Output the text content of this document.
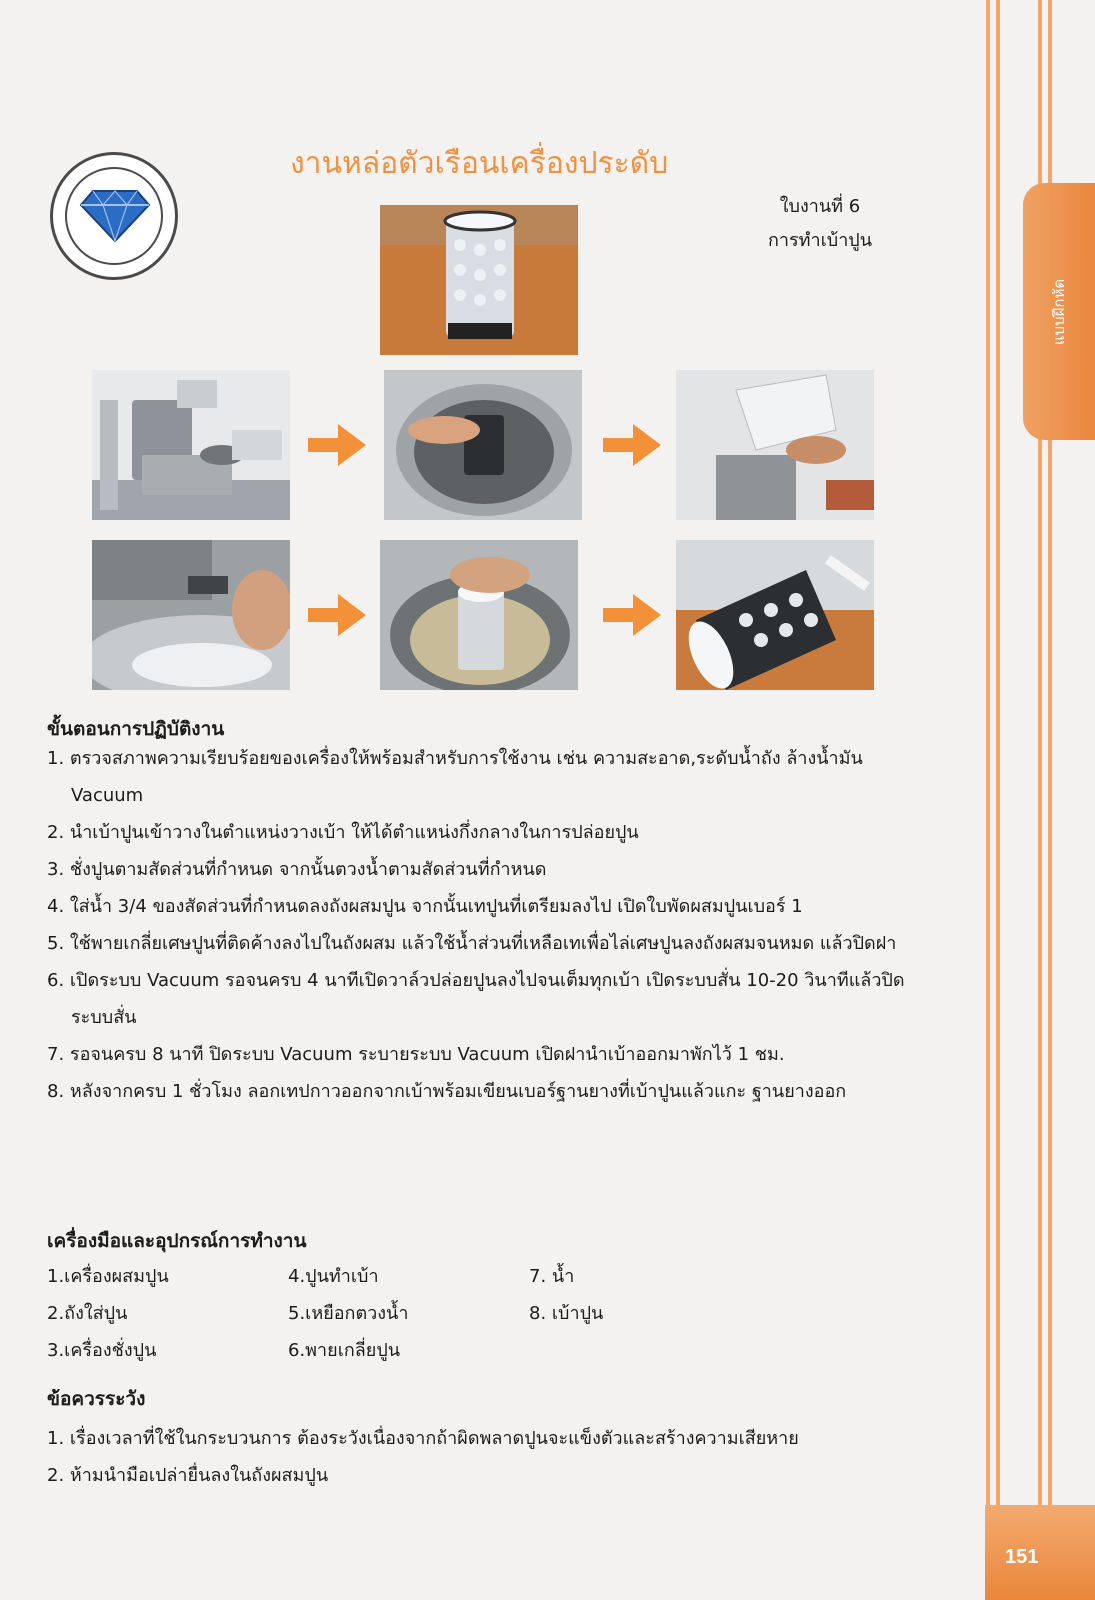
แบบฝึกหัด
งานหล่อตัวเรือนเครื่องประดับ
ใบงานที่ 6
การทำเบ้าปูน
ขั้นตอนการปฏิบัติงาน
1. ตรวจสภาพความเรียบร้อยของเครื่องให้พร้อมสำหรับการใช้งาน เช่น ความสะอาด,ระดับน้ำถัง ล้างน้ำมัน Vacuum
2. นำเบ้าปูนเข้าวางในตำแหน่งวางเบ้า ให้ได้ตำแหน่งกึ่งกลางในการปล่อยปูน
3. ชั่งปูนตามสัดส่วนที่กำหนด จากนั้นตวงน้ำตามสัดส่วนที่กำหนด
4. ใส่น้ำ 3/4 ของสัดส่วนที่กำหนดลงถังผสมปูน จากนั้นเทปูนที่เตรียมลงไป เปิดใบพัดผสมปูนเบอร์ 1
5. ใช้พายเกลี่ยเศษปูนที่ติดค้างลงไปในถังผสม แล้วใช้น้ำส่วนที่เหลือเทเพื่อไล่เศษปูนลงถังผสมจนหมด แล้วปิดฝา
6. เปิดระบบ Vacuum รอจนครบ 4 นาทีเปิดวาล์วปล่อยปูนลงไปจนเต็มทุกเบ้า เปิดระบบสั่น 10-20 วินาทีแล้วปิดระบบสั่น
7. รอจนครบ 8 นาที ปิดระบบ Vacuum ระบายระบบ Vacuum เปิดฝานำเบ้าออกมาพักไว้ 1 ชม.
8. หลังจากครบ 1 ชั่วโมง ลอกเทปกาวออกจากเบ้าพร้อมเขียนเบอร์ฐานยางที่เบ้าปูนแล้วแกะ ฐานยางออก
เครื่องมือและอุปกรณ์การทำงาน
1.เครื่องผสมปูน
2.ถังใส่ปูน
3.เครื่องชั่งปูน
4.ปูนทำเบ้า
5.เหยือกตวงน้ำ
6.พายเกลี่ยปูน
7. น้ำ
8. เบ้าปูน
ข้อควรระวัง
1. เรื่องเวลาที่ใช้ในกระบวนการ ต้องระวังเนื่องจากถ้าผิดพลาดปูนจะแข็งตัวและสร้างความเสียหาย
2. ห้ามนำมือเปล่ายื่นลงในถังผสมปูน
151
